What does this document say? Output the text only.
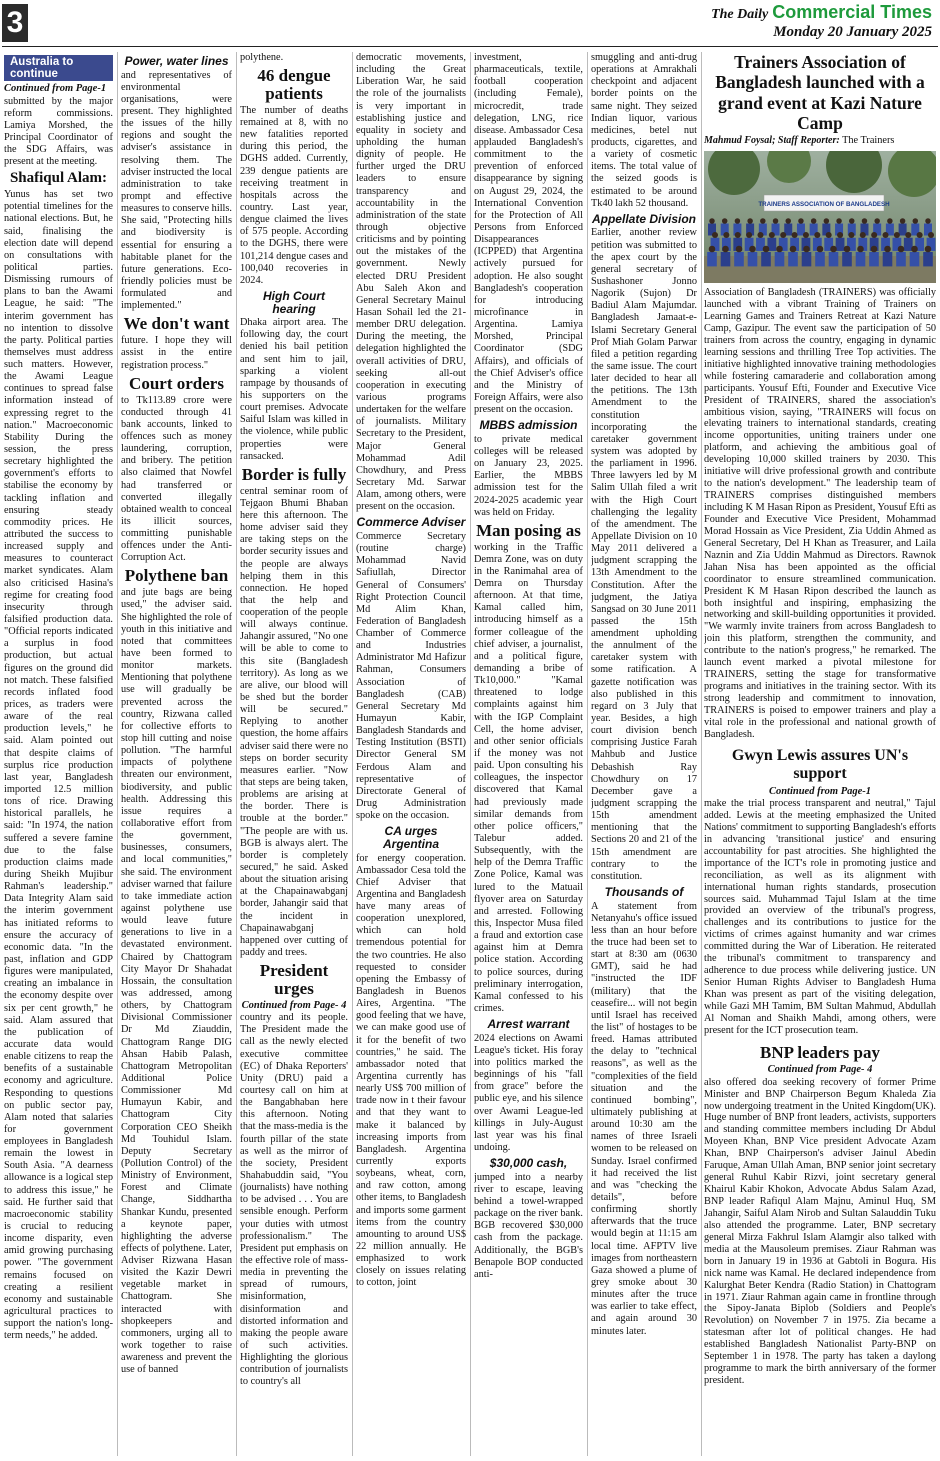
3	The Daily Commercial Times
Monday 20 January 2025
Australia to continue

Continued from Page-1

submitted by the major reform commissions. Lamiya Morshed, the Principal Coordinator of the SDG Affairs, was present at the meeting.

Shafiqul Alam:

Yunus has set two potential timelines for the national elections. But, he said, finalising the election date will depend on consultations with political parties. Dismissing rumours of plans to ban the Awami League, he said: "The interim government has no intention to dissolve the party. Political parties themselves must address such matters. However, the Awami League continues to spread false information instead of expressing regret to the nation." Macroeconomic Stability During the session, the press secretary highlighted the government's efforts to stabilise the economy by tackling inflation and ensuring steady commodity prices. He attributed the success to increased supply and measures to counteract market syndicates. Alam also criticised Hasina's regime for creating food insecurity through falsified production data. "Official reports indicated a surplus in food production, but actual figures on the ground did not match. These falsified records inflated food prices, as traders were aware of the real production levels," he said. Alam pointed out that despite claims of surplus rice production last year, Bangladesh imported 12.5 million tons of rice. Drawing historical parallels, he said: "In 1974, the nation suffered a severe famine due to the false production claims made during Sheikh Mujibur Rahman's leadership." Data Integrity Alam said the interim government has initiated reforms to ensure the accuracy of economic data. "In the past, inflation and GDP figures were manipulated, creating an imbalance in the economy despite over six per cent growth," he said. Alam assured that the publication of accurate data would enable citizens to reap the benefits of a sustainable economy and agriculture. Responding to questions on public sector pay, Alam noted that salaries for government employees in Bangladesh remain the lowest in South Asia. "A dearness allowance is a logical step to address this issue," he said. He further said that macroeconomic stability is crucial to reducing income disparity, even amid growing purchasing power. "The government remains focused on creating a resilient economy and sustainable agricultural practices to support the nation's long-term needs," he added.

Power, water lines

and representatives of environmental organisations, were present. They highlighted the issues of the hilly regions and sought the adviser's assistance in resolving them. The adviser instructed the local administration to take prompt and effective measures to conserve hills. She said, "Protecting hills and biodiversity is essential for ensuring a habitable planet for the future generations. Eco-friendly policies must be formulated and implemented."

We don't want

future. I hope they will assist in the entire registration process."

Court orders

to Tk113.89 crore were conducted through 41 bank accounts, linked to offences such as money laundering, corruption, and bribery. The petition also claimed that Nowfel had transferred or converted illegally obtained wealth to conceal its illicit sources, committing punishable offences under the Anti-Corruption Act.

Polythene ban

and jute bags are being used," the adviser said. She highlighted the role of youth in this initiative and noted that committees have been formed to monitor markets. Mentioning that polythene use will gradually be prevented across the country, Rizwana called for collective efforts to stop hill cutting and noise pollution. "The harmful impacts of polythene threaten our environment, biodiversity, and public health. Addressing this issue requires a collaborative effort from the government, businesses, consumers, and local communities," she said. The environment adviser warned that failure to take immediate action against polythene use would leave future generations to live in a devastated environment. Chaired by Chattogram City Mayor Dr Shahadat Hossain, the consultation was addressed, among others, by Chattogram Divisional Commissioner Dr Md Ziauddin, Chattogram Range DIG Ahsan Habib Palash, Chattogram Metropolitan Additional Police Commissioner Md Humayun Kabir, and Chattogram City Corporation CEO Sheikh Md Touhidul Islam. Deputy Secretary (Pollution Control) of the Ministry of Environment, Forest and Climate Change, Siddhartha Shankar Kundu, presented a keynote paper, highlighting the adverse effects of polythene. Later, Adviser Rizwana Hasan visited the Kazir Dewri vegetable market in Chattogram. She interacted with shopkeepers and commoners, urging all to work together to raise awareness and prevent the use of banned

polythene.

46 dengue patients

The number of deaths remained at 8, with no new fatalities reported during this period, the DGHS added. Currently, 239 dengue patients are receiving treatment in hospitals across the country. Last year, dengue claimed the lives of 575 people. According to the DGHS, there were 101,214 dengue cases and 100,040 recoveries in 2024.

High Court hearing

Dhaka airport area. The following day, the court denied his bail petition and sent him to jail, sparking a violent rampage by thousands of his supporters on the court premises. Advocate Saiful Islam was killed in the violence, while public properties were ransacked.

Border is fully

central seminar room of Tejgaon Bhumi Bhaban here this afternoon. The home adviser said they are taking steps on the border security issues and the people are always helping them in this connection. He hoped that the help and cooperation of the people will always continue. Jahangir assured, "No one will be able to come to this site (Bangladesh territory). As long as we are alive, our blood will be shed but the border will be secured." Replying to another question, the home affairs adviser said there were no steps on border security measures earlier. "Now that steps are being taken, problems are arising at the border. There is trouble at the border." "The people are with us. BGB is always alert. The border is completely secured," he said. Asked about the situation arising at the Chapainawabganj border, Jahangir said that the incident in Chapainawabganj happened over cutting of paddy and trees.

President urges

Continued from Page- 4

country and its people. The President made the call as the newly elected executive committee (EC) of Dhaka Reporters' Unity (DRU) paid a courtesy call on him at the Bangabhaban here this afternoon. Noting that the mass-media is the fourth pillar of the state as well as the mirror of the society, President Shahabuddin said, "You (journalists) have nothing to be advised . . . You are sensible enough. Perform your duties with utmost professionalism." The President put emphasis on the effective role of mass-media in preventing the spread of rumours, misinformation, disinformation and distorted information and making the people aware of such activities. Highlighting the glorious contribution of journalists to country's all

democratic movements, including the Great Liberation War, he said the role of the journalists is very important in establishing justice and equality in society and upholding the human dignity of people. He further urged the DRU leaders to ensure transparency and accountability in the administration of the state through objective criticisms and by pointing out the mistakes of the government. Newly elected DRU President Abu Saleh Akon and General Secretary Mainul Hasan Sohail led the 21-member DRU delegation. During the meeting, the delegation highlighted the overall activities of DRU, seeking all-out cooperation in executing various programs undertaken for the welfare of journalists. Military Secretary to the President, Major General Mohammad Adil Chowdhury, and Press Secretary Md. Sarwar Alam, among others, were present on the occasion.

Commerce Adviser

Commerce Secretary (routine charge) Mohammad Navid Safiullah, Director General of Consumers' Right Protection Council Md Alim Khan, Federation of Bangladesh Chamber of Commerce and Industries Administrator Md Hafizur Rahman, Consumers Association of Bangladesh (CAB) General Secretary Md Humayun Kabir, Bangladesh Standards and Testing Institution (BSTI) Director General SM Ferdous Alam and representative of Directorate General of Drug Administration spoke on the occasion.

CA urges Argentina

for energy cooperation. Ambassador Cesa told the Chief Adviser that Argentina and Bangladesh have many areas of cooperation unexplored, which can hold tremendous potential for the two countries. He also requested to consider opening the Embassy of Bangladesh in Buenos Aires, Argentina. "The good feeling that we have, we can make good use of it for the benefit of two countries," he said. The ambassador noted that Argentina currently has nearly US$ 700 million of trade now in t their favour and that they want to make it balanced by increasing imports from Bangladesh. Argentina currently exports soybeans, wheat, corn, and raw cotton, among other items, to Bangladesh and imports some garment items from the country amounting to around US$ 22 million annually. He emphasized to work closely on issues relating to cotton, joint

investment, pharmaceuticals, textile, football cooperation (including Female), microcredit, trade delegation, LNG, rice disease. Ambassador Cesa applauded Bangladesh's commitment to the prevention of enforced disappearance by signing on August 29, 2024, the International Convention for the Protection of All Persons from Enforced Disappearances (ICPPED) that Argentina actively pursued for adoption. He also sought Bangladesh's cooperation for introducing microfinance in Argentina. Lamiya Morshed, Principal Coordinator (SDG Affairs), and officials of the Chief Adviser's office and the Ministry of Foreign Affairs, were also present on the occasion.

MBBS admission

to private medical colleges will be released on January 23, 2025. Earlier, the MBBS admission test for the 2024-2025 academic year was held on Friday.

Man posing as

working in the Traffic Demra Zone, was on duty in the Ranimahal area of Demra on Thursday afternoon. At that time, Kamal called him, introducing himself as a former colleague of the chief adviser, a journalist, and a political figure, demanding a bribe of Tk10,000." "Kamal threatened to lodge complaints against him with the IGP Complaint Cell, the home adviser, and other senior officials if the money was not paid. Upon consulting his colleagues, the inspector discovered that Kamal had previously made similar demands from other police officers," Talebur added. Subsequently, with the help of the Demra Traffic Zone Police, Kamal was lured to the Matuail flyover area on Saturday and arrested. Following this, Inspector Musa filed a fraud and extortion case against him at Demra police station. According to police sources, during preliminary interrogation, Kamal confessed to his crimes.

Arrest warrant

2024 elections on Awami League's ticket. His foray into politics marked the beginnings of his "fall from grace" before the public eye, and his silence over Awami League-led killings in July-August last year was his final undoing.

$30,000 cash,

jumped into a nearby river to escape, leaving behind a towel-wrapped package on the river bank. BGB recovered $30,000 cash from the package. Additionally, the BGB's Benapole BOP conducted anti-

smuggling and anti-drug operations at Amrakhali checkpoint and adjacent border points on the same night. They seized Indian liquor, various medicines, betel nut products, cigarettes, and a variety of cosmetic items. The total value of the seized goods is estimated to be around Tk40 lakh 52 thousand.

Appellate Division

Earlier, another review petition was submitted to the apex court by the general secretary of Sushashoner Jonno Nagorik (Sujon) Dr Badiul Alam Majumdar. Bangladesh Jamaat-e-Islami Secretary General Prof Miah Golam Parwar filed a petition regarding the same issue. The court later decided to hear all the petitions. The 13th Amendment to the constitution incorporating the caretaker government system was adopted by the parliament in 1996. Three lawyers led by M Salim Ullah filed a writ with the High Court challenging the legality of the amendment. The Appellate Division on 10 May 2011 delivered a judgment scrapping the 13th Amendment to the Constitution. After the judgment, the Jatiya Sangsad on 30 June 2011 passed the 15th amendment upholding the annulment of the caretaker system with some ratification. A gazette notification was also published in this regard on 3 July that year. Besides, a high court division bench comprising Justice Farah Mahbub and Justice Debashish Ray Chowdhury on 17 December gave a judgment scrapping the 15th amendment mentioning that the Sections 20 and 21 of the 15th amendment are contrary to the constitution.

Thousands of

A statement from Netanyahu's office issued less than an hour before the truce had been set to start at 8:30 am (0630 GMT), said he had "instructed the IDF (military) that the ceasefire... will not begin until Israel has received the list" of hostages to be freed. Hamas attributed the delay to "technical reasons", as well as the "complexities of the field situation and the continued bombing", ultimately publishing at around 10:30 am the names of three Israeli women to be released on Sunday. Israel confirmed it had received the list and was "checking the details", before confirming shortly afterwards that the truce would begin at 11:15 am local time. AFPTV live images from northeastern Gaza showed a plume of grey smoke about 30 minutes after the truce was earlier to take effect, and again around 30 minutes later.

Trainers Association of Bangladesh launched with a grand event at Kazi Nature Camp

Mahmud Foysal; Staff Reporter: The Trainers

TRAINERS ASSOCIATION OF BANGLADESH

Association of Bangladesh (TRAINERS) was officially launched with a vibrant Training of Trainers on Learning Games and Trainers Retreat at Kazi Nature Camp, Gazipur. The event saw the participation of 50 trainers from across the country, engaging in dynamic learning sessions and thrilling Tree Top activities. The initiative highlighted innovative training methodologies while fostering camaraderie and collaboration among participants. Yousuf Efti, Founder and Executive Vice President of TRAINERS, shared the association's ambitious vision, saying, "TRAINERS will focus on elevating trainers to international standards, creating income opportunities, uniting trainers under one platform, and achieving the ambitious goal of developing 10,000 skilled trainers by 2030. This initiative will drive professional growth and contribute to the nation's development." The leadership team of TRAINERS comprises distinguished members including K M Hasan Ripon as President, Yousuf Efti as Founder and Executive Vice President, Mohammad Morad Hossain as Vice President, Zia Uddin Ahmed as General Secretary, Del H Khan as Treasurer, and Laila Naznin and Zia Uddin Mahmud as Directors. Rawnok Jahan Nisa has been appointed as the official coordinator to ensure streamlined communication. President K M Hasan Ripon described the launch as both insightful and inspiring, emphasizing the networking and skill-building opportunities it provided. "We warmly invite trainers from across Bangladesh to join this platform, strengthen the community, and contribute to the nation's progress," he remarked. The launch event marked a pivotal milestone for TRAINERS, setting the stage for transformative programs and initiatives in the training sector. With its strong leadership and commitment to innovation, TRAINERS is poised to empower trainers and play a vital role in the professional and national growth of Bangladesh.

Gwyn Lewis assures UN's support

Continued from Page-1

make the trial process transparent and neutral," Tajul added. Lewis at the meeting emphasized the United Nations' commitment to supporting Bangladesh's efforts in advancing 'transitional justice' and ensuring accountability for past atrocities. She highlighted the importance of the ICT's role in promoting justice and reconciliation, as well as its alignment with international human rights standards, prosecution sources said. Muhammad Tajul Islam at the time provided an overview of the tribunal's progress, challenges and its contributions to justice for the victims of crimes against humanity and war crimes committed during the War of Liberation. He reiterated the tribunal's commitment to transparency and adherence to due process while delivering justice. UN Senior Human Rights Adviser to Bangladesh Huma Khan was present as part of the visiting delegation, while Gazi MH Tamim, BM Sultan Mahmud, Abdullah Al Noman and Shaikh Mahdi, among others, were present for the ICT prosecution team.

BNP leaders pay

Continued from Page- 4

also offered doa seeking recovery of former Prime Minister and BNP Chairperson Begum Khaleda Zia now undergoing treatment in the United Kingdom(UK). Huge number of BNP front leaders, activists, supporters and standing committee members including Dr Abdul Moyeen Khan, BNP Vice president Advocate Azam Khan, BNP Chairperson's adviser Jainul Abedin Faruque, Aman Ullah Aman, BNP senior joint secretary general Ruhul Kabir Rizvi, joint secretary general Khairul Kabir Khokon, Advocate Abdus Salam Azad, BNP leader Rafiqul Alam Majnu, Aminul Huq, SM Jahangir, Saiful Alam Nirob and Sultan Salauddin Tuku also attended the programme. Later, BNP secretary general Mirza Fakhrul Islam Alamgir also talked with media at the Mausoleum premises. Ziaur Rahman was born in January 19 in 1936 at Gabtoli in Bogura. His nick name was Kamal. He declared independence from Kalurghat Beter Kendra (Radio Station) in Chattogram in 1971. Ziaur Rahman again came in frontline through the Sipoy-Janata Biplob (Soldiers and People's Revolution) on November 7 in 1975. Zia became a statesman after lot of political changes. He had established Bangladesh Nationalist Party-BNP on September 1 in 1978. The party has taken a daylong programme to mark the birth anniversary of the former president.
